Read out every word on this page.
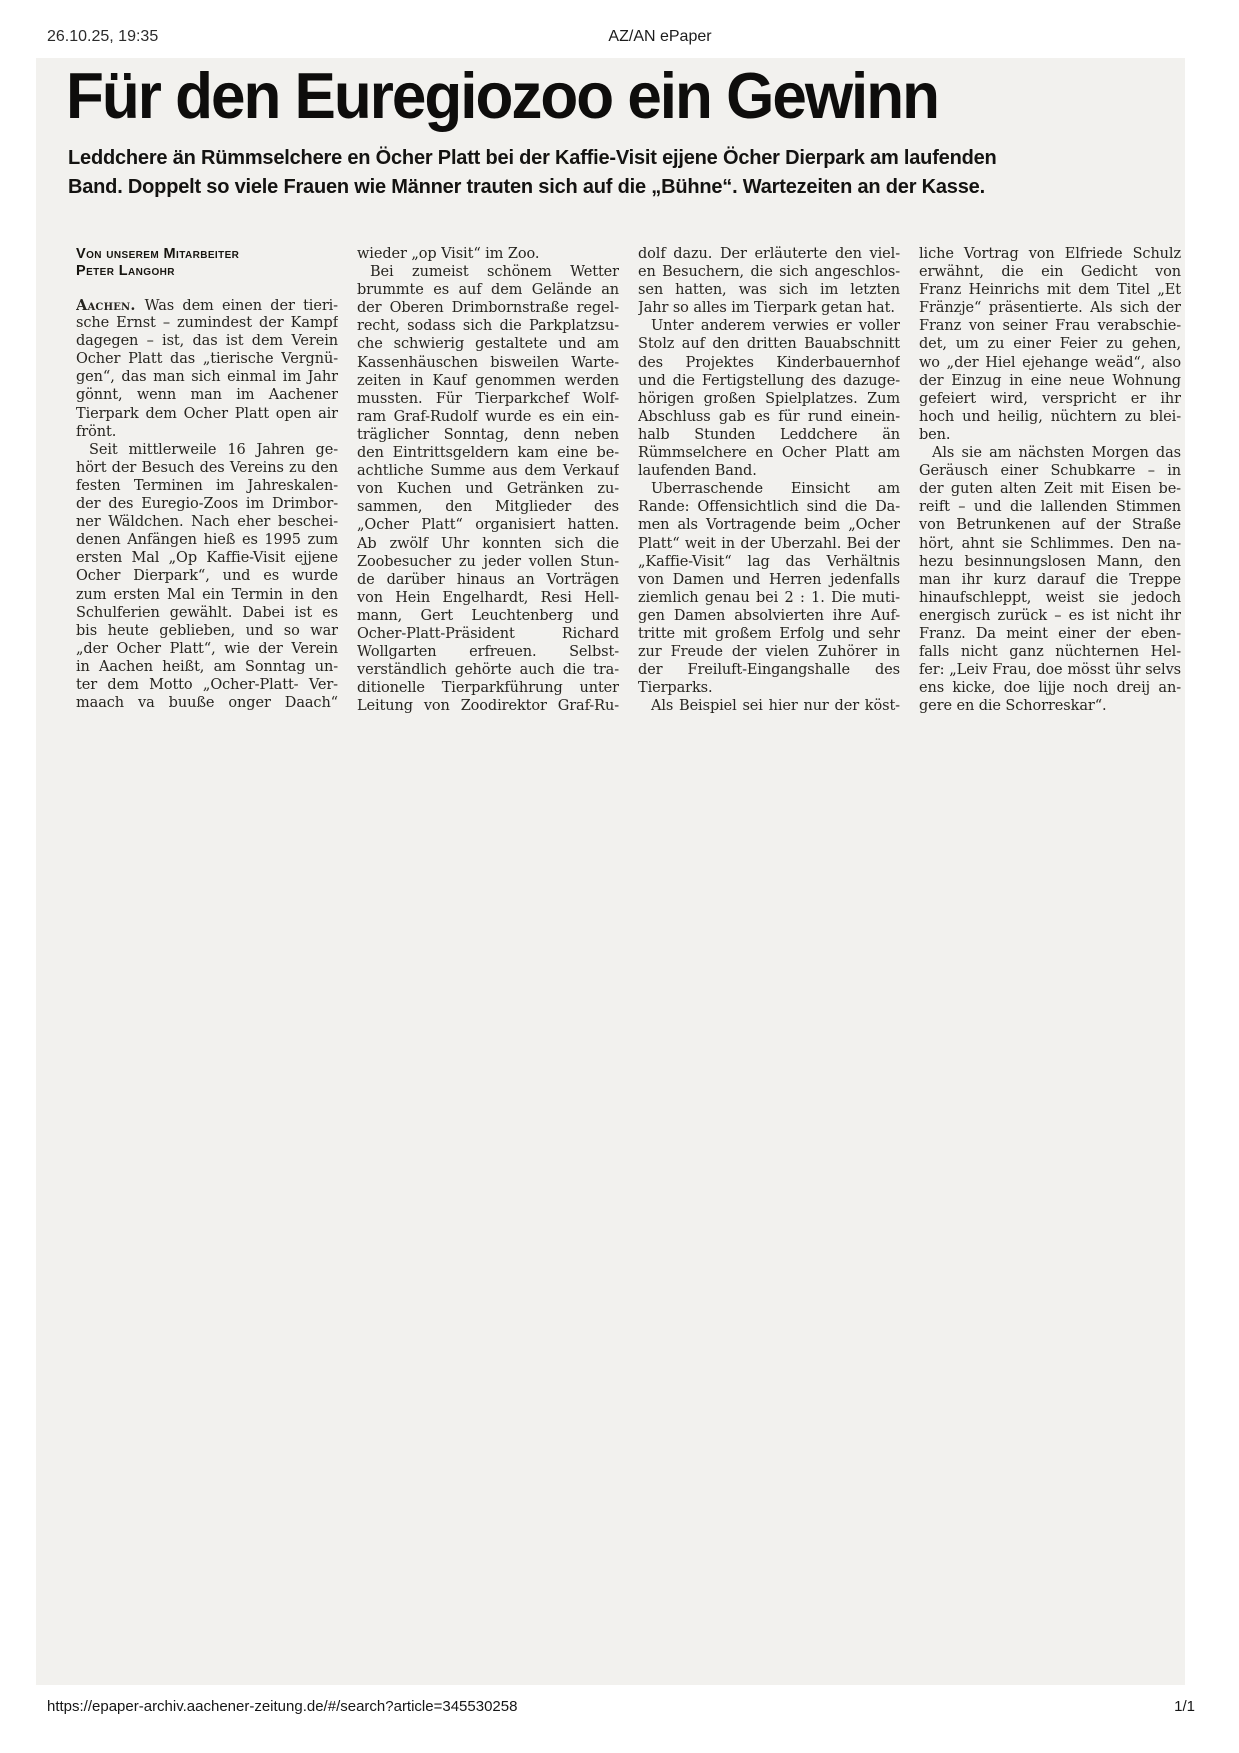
26.10.25, 19:35	AZ/AN ePaper
Für den Euregiozoo ein Gewinn
Leddchere än Rümmselchere en Öcher Platt bei der Kaffie-Visit ejjene Öcher Dierpark am laufenden
Band. Doppelt so viele Frauen wie Männer trauten sich auf die „Bühne“. Wartezeiten an der Kasse.
Von unserem Mitarbeiter
Peter Langohr
Aachen. Was dem einen der tieri-
sche Ernst – zumindest der Kampf
dagegen – ist, das ist dem Verein
Öcher Platt das „tierische Vergnü-
gen“, das man sich einmal im Jahr
gönnt, wenn man im Aachener
Tierpark dem Öcher Platt open air
frönt.
Seit mittlerweile 16 Jahren ge-
hört der Besuch des Vereins zu den
festen Terminen im Jahreskalen-
der des Euregio-Zoos im Drimbor-
ner Wäldchen. Nach eher beschei-
denen Anfängen hieß es 1995 zum
ersten Mal „Op Kaffie-Visit ejjene
Öcher Dierpark“, und es wurde
zum ersten Mal ein Termin in den
Schulferien gewählt. Dabei ist es
bis heute geblieben, und so war
„der Öcher Platt“, wie der Verein
in Aachen heißt, am Sonntag un-
ter dem Motto „Öcher-Platt- Ver-
maach va buuße onger Daach“
wieder „op Visit“ im Zoo.
Bei zumeist schönem Wetter
brummte es auf dem Gelände an
der Oberen Drimbornstraße regel-
recht, sodass sich die Parkplatzsu-
che schwierig gestaltete und am
Kassenhäuschen bisweilen Warte-
zeiten in Kauf genommen werden
mussten. Für Tierparkchef Wolf-
ram Graf-Rudolf wurde es ein ein-
träglicher Sonntag, denn neben
den Eintrittsgeldern kam eine be-
achtliche Summe aus dem Verkauf
von Kuchen und Getränken zu-
sammen, den Mitglieder des
„Öcher Platt“ organisiert hatten.
Ab zwölf Uhr konnten sich die
Zoobesucher zu jeder vollen Stun-
de darüber hinaus an Vorträgen
von Hein Engelhardt, Resi Hell-
mann, Gert Leuchtenberg und
Öcher-Platt-Präsident Richard
Wollgarten erfreuen. Selbst-
verständlich gehörte auch die tra-
ditionelle Tierparkführung unter
Leitung von Zoodirektor Graf-Ru-
dolf dazu. Der erläuterte den viel-
en Besuchern, die sich angeschlos-
sen hatten, was sich im letzten
Jahr so alles im Tierpark getan hat.
Unter anderem verwies er voller
Stolz auf den dritten Bauabschnitt
des Projektes Kinderbauernhof
und die Fertigstellung des dazuge-
hörigen großen Spielplatzes. Zum
Abschluss gab es für rund einein-
halb Stunden Leddchere än
Rümmselchere en Öcher Platt am
laufenden Band.
Überraschende Einsicht am
Rande: Offensichtlich sind die Da-
men als Vortragende beim „Öcher
Platt“ weit in der Überzahl. Bei der
„Kaffie-Visit“ lag das Verhältnis
von Damen und Herren jedenfalls
ziemlich genau bei 2 : 1. Die muti-
gen Damen absolvierten ihre Auf-
tritte mit großem Erfolg und sehr
zur Freude der vielen Zuhörer in
der Freiluft-Eingangshalle des
Tierparks.
Als Beispiel sei hier nur der köst-
liche Vortrag von Elfriede Schulz
erwähnt, die ein Gedicht von
Franz Heinrichs mit dem Titel „Et
Fränzje“ präsentierte. Als sich der
Franz von seiner Frau verabschie-
det, um zu einer Feier zu gehen,
wo „der Hiel ejehange weäd“, also
der Einzug in eine neue Wohnung
gefeiert wird, verspricht er ihr
hoch und heilig, nüchtern zu blei-
ben.
Als sie am nächsten Morgen das
Geräusch einer Schubkarre – in
der guten alten Zeit mit Eisen be-
reift – und die lallenden Stimmen
von Betrunkenen auf der Straße
hört, ahnt sie Schlimmes. Den na-
hezu besinnungslosen Mann, den
man ihr kurz darauf die Treppe
hinaufschleppt, weist sie jedoch
energisch zurück – es ist nicht ihr
Franz. Da meint einer der eben-
falls nicht ganz nüchternen Hel-
fer: „Leiv Frau, doe mösst ühr selvs
ens kicke, doe lijje noch dreij an-
gere en die Schorreskar“.
https://epaper-archiv.aachener-zeitung.de/#/search?article=345530258	1/1
